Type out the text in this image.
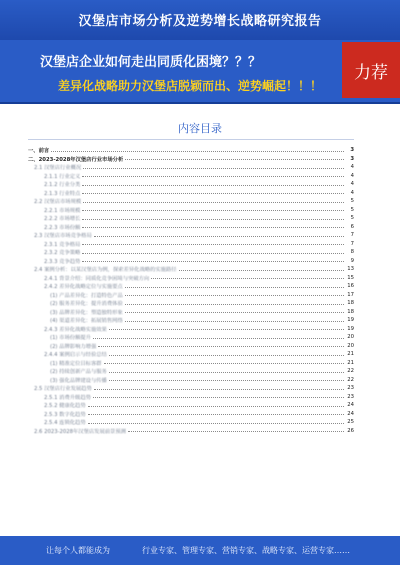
汉堡店市场分析及逆势增长战略研究报告
汉堡店企业如何走出同质化困境？？？
差异化战略助力汉堡店脱颖而出、逆势崛起！！！
力荐
内容目录
一、前言	3
二、2023-2028年汉堡店行业市场分析	3
2.1 汉堡店行业概况	4
2.1.1 行业定义	4
2.1.2 行业分类	4
2.1.3 行业特点	4
2.2 汉堡店市场规模	5
2.2.1 市场规模	5
2.2.2 市场增长	5
2.2.3 市场份额	6
2.3 汉堡店市场竞争格局	7
2.3.1 竞争格局	7
2.3.2 竞争策略	8
2.3.3 竞争趋势	9
2.4 案例分析：以某汉堡店为例，探索差异化战略的实施路径	13
2.4.1 背景介绍：同质化竞争困境与突破方向	15
2.4.2 差异化战略定位与实施要点	16
(1) 产品差异化：打造特色产品	17
(2) 服务差异化：提升消费体验	18
(3) 品牌差异化：塑造独特形象	18
(4) 渠道差异化：拓展销售网络	19
2.4.3 差异化战略实施效果	19
(1) 市场份额提升	20
(2) 品牌影响力增强	20
2.4.4 案例启示与经验总结	21
(1) 精准定位目标客群	21
(2) 持续创新产品与服务	22
(3) 强化品牌建设与传播	22
2.5 汉堡店行业发展趋势	23
2.5.1 消费升级趋势	23
2.5.2 健康化趋势	24
2.5.3 数字化趋势	24
2.5.4 连锁化趋势	25
2.6 2023-2028年汉堡店发展前景预测	26
让每个人都能成为	行业专家、管理专家、营销专家、战略专家、运营专家……
